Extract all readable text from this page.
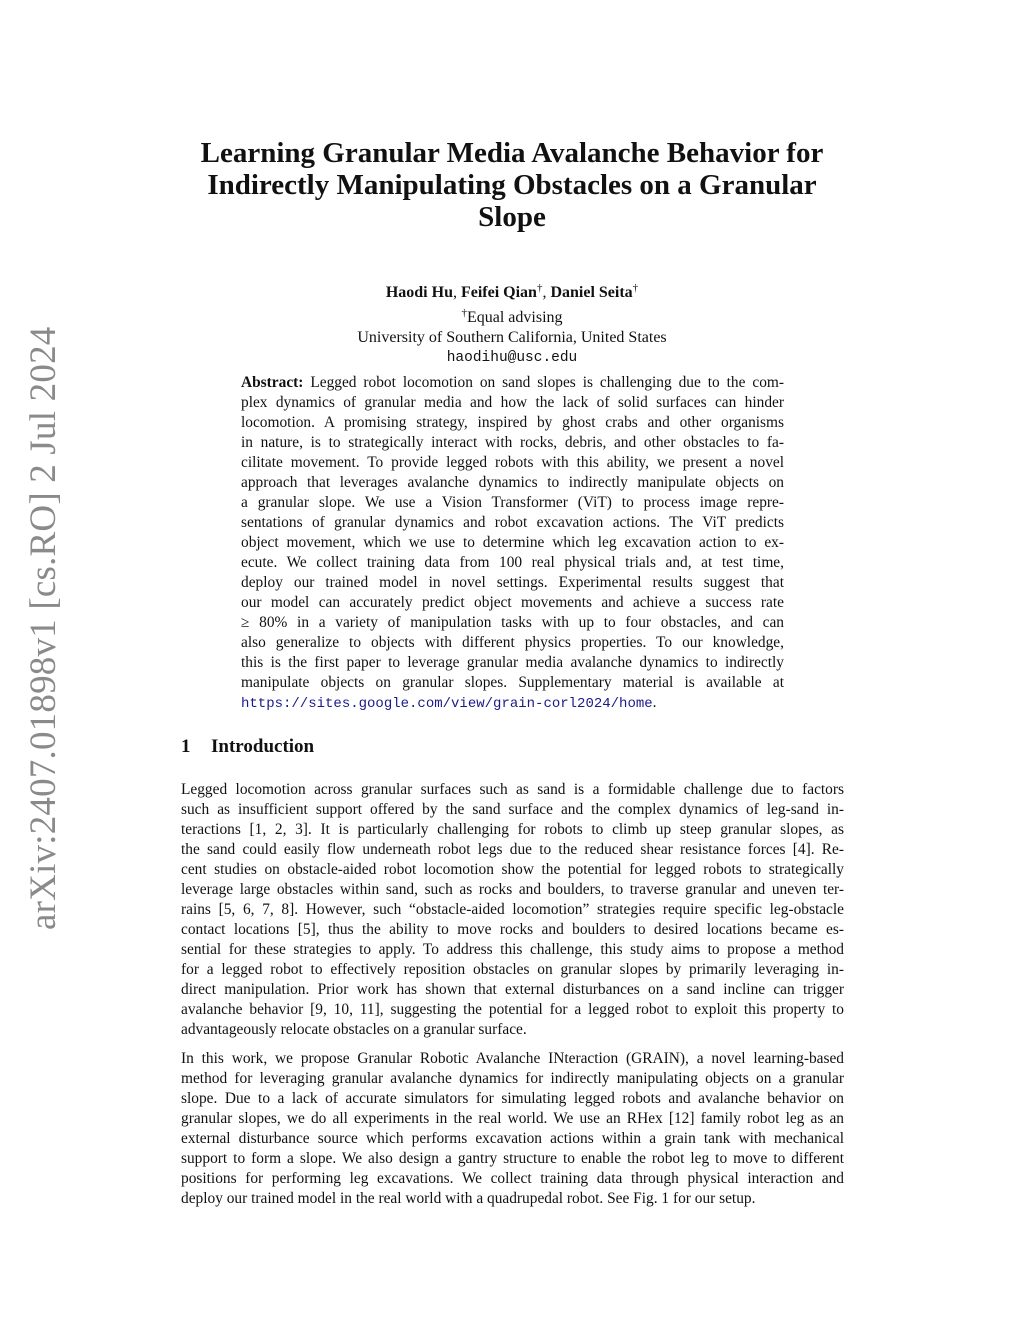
arXiv:2407.01898v1 [cs.RO] 2 Jul 2024
Learning Granular Media Avalanche Behavior for
Indirectly Manipulating Obstacles on a Granular
Slope
Haodi Hu, Feifei Qian†, Daniel Seita†
†Equal advising
University of Southern California, United States
haodihu@usc.edu
Abstract: Legged robot locomotion on sand slopes is challenging due to the com-
plex dynamics of granular media and how the lack of solid surfaces can hinder
locomotion. A promising strategy, inspired by ghost crabs and other organisms
in nature, is to strategically interact with rocks, debris, and other obstacles to fa-
cilitate movement. To provide legged robots with this ability, we present a novel
approach that leverages avalanche dynamics to indirectly manipulate objects on
a granular slope. We use a Vision Transformer (ViT) to process image repre-
sentations of granular dynamics and robot excavation actions. The ViT predicts
object movement, which we use to determine which leg excavation action to ex-
ecute. We collect training data from 100 real physical trials and, at test time,
deploy our trained model in novel settings. Experimental results suggest that
our model can accurately predict object movements and achieve a success rate
≥ 80% in a variety of manipulation tasks with up to four obstacles, and can
also generalize to objects with different physics properties. To our knowledge,
this is the first paper to leverage granular media avalanche dynamics to indirectly
manipulate objects on granular slopes. Supplementary material is available at
https://sites.google.com/view/grain-corl2024/home.
1 Introduction
Legged locomotion across granular surfaces such as sand is a formidable challenge due to factors
such as insufficient support offered by the sand surface and the complex dynamics of leg-sand in-
teractions [1, 2, 3]. It is particularly challenging for robots to climb up steep granular slopes, as
the sand could easily flow underneath robot legs due to the reduced shear resistance forces [4]. Re-
cent studies on obstacle-aided robot locomotion show the potential for legged robots to strategically
leverage large obstacles within sand, such as rocks and boulders, to traverse granular and uneven ter-
rains [5, 6, 7, 8]. However, such “obstacle-aided locomotion” strategies require specific leg-obstacle
contact locations [5], thus the ability to move rocks and boulders to desired locations became es-
sential for these strategies to apply. To address this challenge, this study aims to propose a method
for a legged robot to effectively reposition obstacles on granular slopes by primarily leveraging in-
direct manipulation. Prior work has shown that external disturbances on a sand incline can trigger
avalanche behavior [9, 10, 11], suggesting the potential for a legged robot to exploit this property to
advantageously relocate obstacles on a granular surface.
In this work, we propose Granular Robotic Avalanche INteraction (GRAIN), a novel learning-based
method for leveraging granular avalanche dynamics for indirectly manipulating objects on a granular
slope. Due to a lack of accurate simulators for simulating legged robots and avalanche behavior on
granular slopes, we do all experiments in the real world. We use an RHex [12] family robot leg as an
external disturbance source which performs excavation actions within a grain tank with mechanical
support to form a slope. We also design a gantry structure to enable the robot leg to move to different
positions for performing leg excavations. We collect training data through physical interaction and
deploy our trained model in the real world with a quadrupedal robot. See Fig. 1 for our setup.
